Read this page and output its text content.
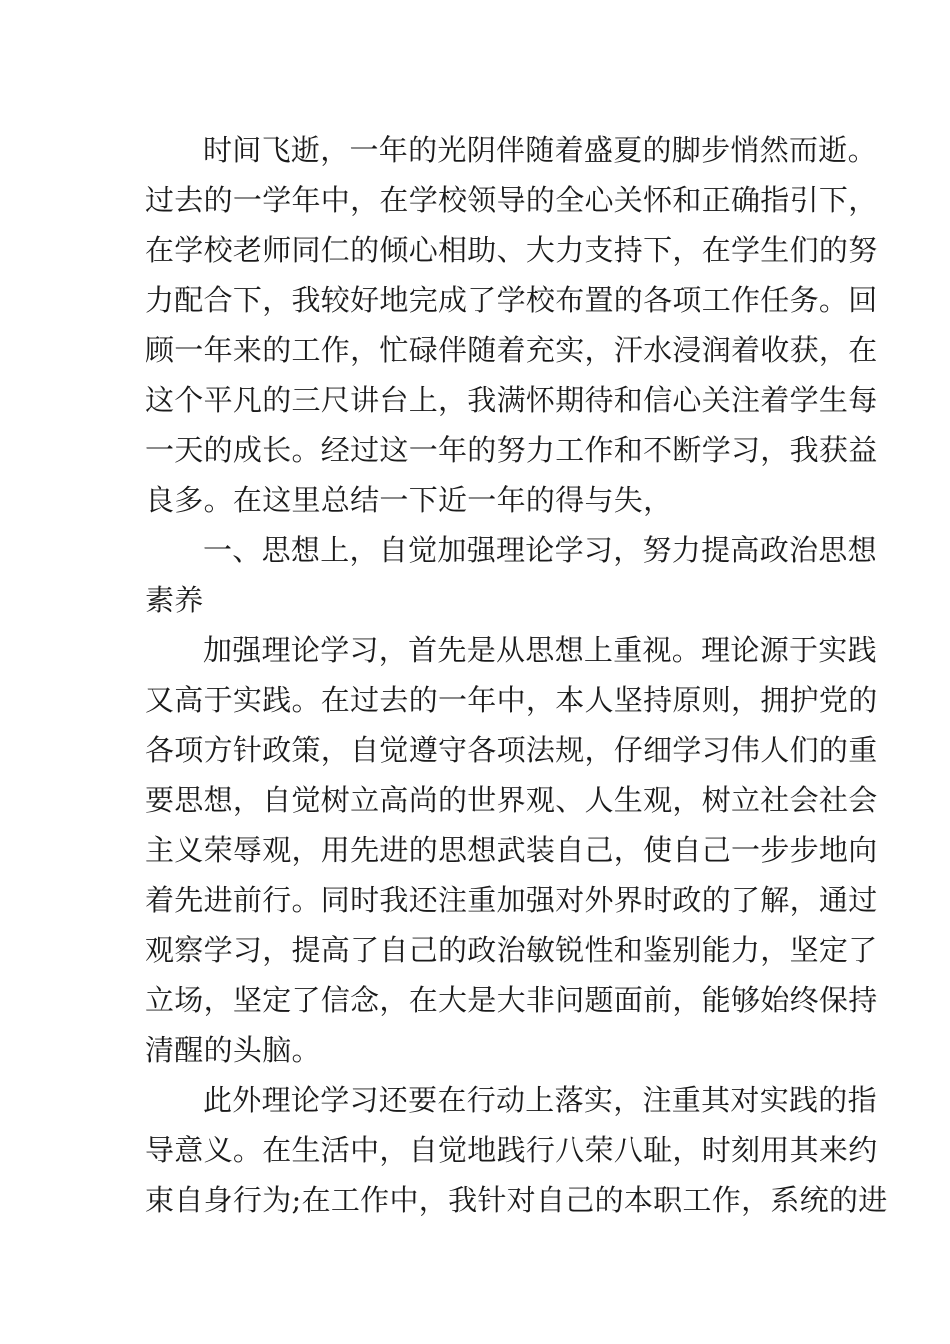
时间飞逝，一年的光阴伴随着盛夏的脚步悄然而逝。
过去的一学年中，在学校领导的全心关怀和正确指引下，
在学校老师同仁的倾心相助、大力支持下，在学生们的努
力配合下，我较好地完成了学校布置的各项工作任务。回
顾一年来的工作，忙碌伴随着充实，汗水浸润着收获，在
这个平凡的三尺讲台上，我满怀期待和信心关注着学生每
一天的成长。经过这一年的努力工作和不断学习，我获益
良多。在这里总结一下近一年的得与失，
一、思想上，自觉加强理论学习，努力提高政治思想
素养
加强理论学习，首先是从思想上重视。理论源于实践
又高于实践。在过去的一年中，本人坚持原则，拥护党的
各项方针政策，自觉遵守各项法规，仔细学习伟人们的重
要思想，自觉树立高尚的世界观、人生观，树立社会社会
主义荣辱观，用先进的思想武装自己，使自己一步步地向
着先进前行。同时我还注重加强对外界时政的了解，通过
观察学习，提高了自己的政治敏锐性和鉴别能力，坚定了
立场，坚定了信念，在大是大非问题面前，能够始终保持
清醒的头脑。
此外理论学习还要在行动上落实，注重其对实践的指
导意义。在生活中，自觉地践行八荣八耻，时刻用其来约
束自身行为;在工作中，我针对自己的本职工作，系统的进
